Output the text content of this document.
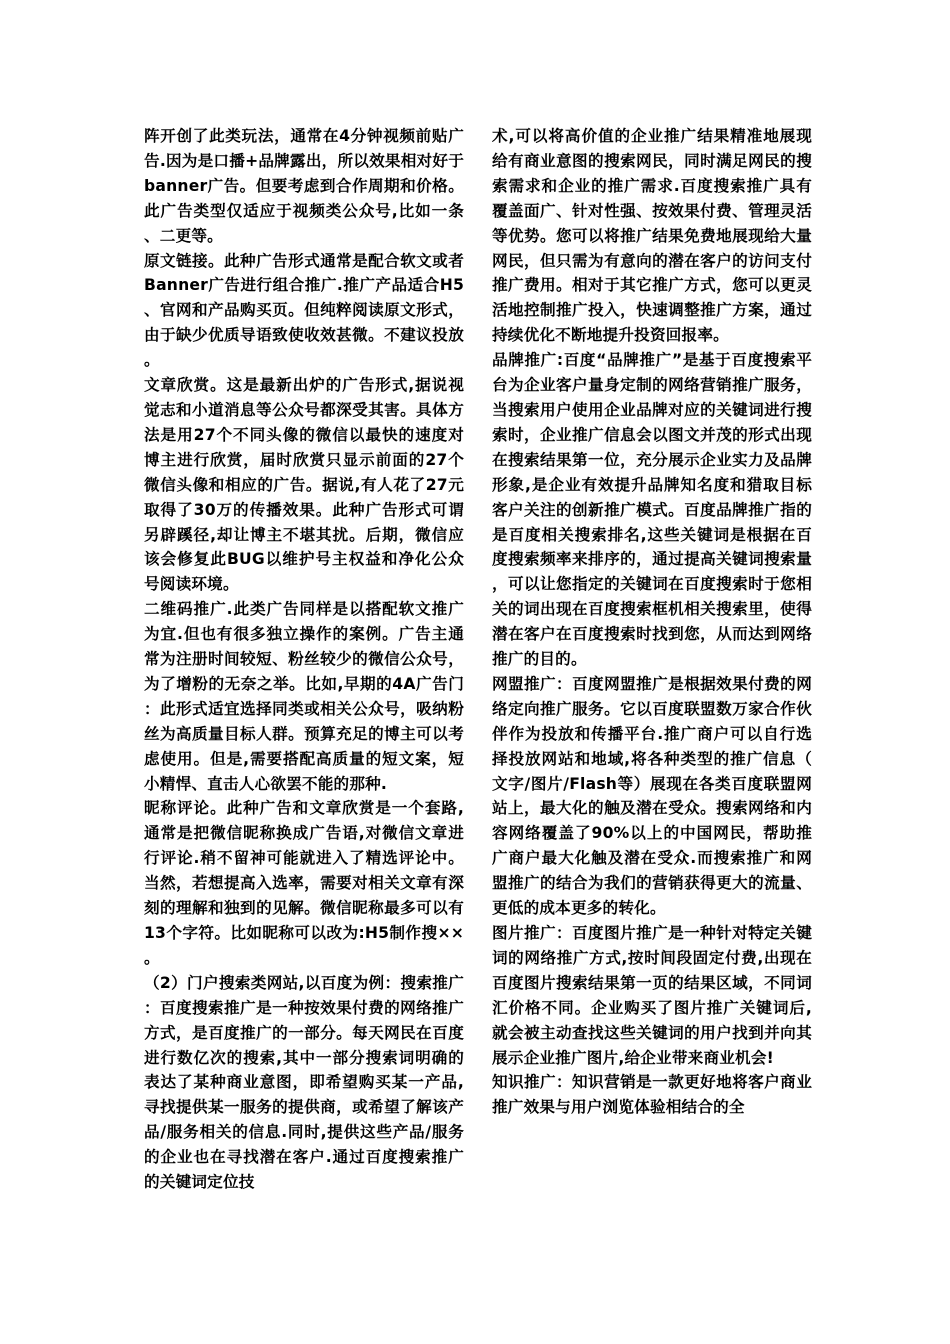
阵开创了此类玩法，通常在4分钟视频前贴广告.因为是口播+品牌露出，所以效果相对好于banner广告。但要考虑到合作周期和价格。此广告类型仅适应于视频类公众号,比如一条、二更等。

原文链接。此种广告形式通常是配合软文或者Banner广告进行组合推广.推广产品适合H5、官网和产品购买页。但纯粹阅读原文形式，由于缺少优质导语致使收效甚微。不建议投放。

文章欣赏。这是最新出炉的广告形式,据说视觉志和小道消息等公众号都深受其害。具体方法是用27个不同头像的微信以最快的速度对博主进行欣赏，届时欣赏只显示前面的27个微信头像和相应的广告。据说,有人花了27元取得了30万的传播效果。此种广告形式可谓另辟蹊径,却让博主不堪其扰。后期，微信应该会修复此BUG以维护号主权益和净化公众号阅读环境。

二维码推广.此类广告同样是以搭配软文推广为宜.但也有很多独立操作的案例。广告主通常为注册时间较短、粉丝较少的微信公众号，为了增粉的无奈之举。比如,早期的4A广告门：此形式适宜选择同类或相关公众号，吸纳粉丝为高质量目标人群。预算充足的博主可以考虑使用。但是,需要搭配高质量的短文案，短小精悍、直击人心欲罢不能的那种.

昵称评论。此种广告和文章欣赏是一个套路,通常是把微信昵称换成广告语,对微信文章进行评论.稍不留神可能就进入了精选评论中。当然，若想提高入选率，需要对相关文章有深刻的理解和独到的见解。微信昵称最多可以有13个字符。比如昵称可以改为:H5制作搜××。

（2）门户搜索类网站,以百度为例：搜索推广：百度搜索推广是一种按效果付费的网络推广方式，是百度推广的一部分。每天网民在百度进行数亿次的搜索,其中一部分搜索词明确的表达了某种商业意图，即希望购买某一产品,寻找提供某一服务的提供商，或希望了解该产品/服务相关的信息.同时,提供这些产品/服务的企业也在寻找潜在客户.通过百度搜索推广的关键词定位技

术,可以将高价值的企业推广结果精准地展现给有商业意图的搜索网民，同时满足网民的搜索需求和企业的推广需求.百度搜索推广具有覆盖面广、针对性强、按效果付费、管理灵活等优势。您可以将推广结果免费地展现给大量网民，但只需为有意向的潜在客户的访问支付推广费用。相对于其它推广方式，您可以更灵活地控制推广投入，快速调整推广方案，通过持续优化不断地提升投资回报率。

品牌推广:百度“品牌推广”是基于百度搜索平台为企业客户量身定制的网络营销推广服务，当搜索用户使用企业品牌对应的关键词进行搜索时，企业推广信息会以图文并茂的形式出现在搜索结果第一位，充分展示企业实力及品牌形象,是企业有效提升品牌知名度和猎取目标客户关注的创新推广模式。百度品牌推广指的是百度相关搜索排名,这些关键词是根据在百度搜索频率来排序的，通过提高关键词搜索量，可以让您指定的关键词在百度搜索时于您相关的词出现在百度搜索框机相关搜索里，使得潜在客户在百度搜索时找到您，从而达到网络推广的目的。

网盟推广：百度网盟推广是根据效果付费的网络定向推广服务。它以百度联盟数万家合作伙伴作为投放和传播平台.推广商户可以自行选择投放网站和地域,将各种类型的推广信息（文字/图片/Flash等）展现在各类百度联盟网站上，最大化的触及潜在受众。搜索网络和内容网络覆盖了90%以上的中国网民，帮助推广商户最大化触及潜在受众.而搜索推广和网盟推广的结合为我们的营销获得更大的流量、更低的成本更多的转化。

图片推广：百度图片推广是一种针对特定关键词的网络推广方式,按时间段固定付费,出现在百度图片搜索结果第一页的结果区域，不同词汇价格不同。企业购买了图片推广关键词后,就会被主动查找这些关键词的用户找到并向其展示企业推广图片,给企业带来商业机会!

知识推广：知识营销是一款更好地将客户商业推广效果与用户浏览体验相结合的全
